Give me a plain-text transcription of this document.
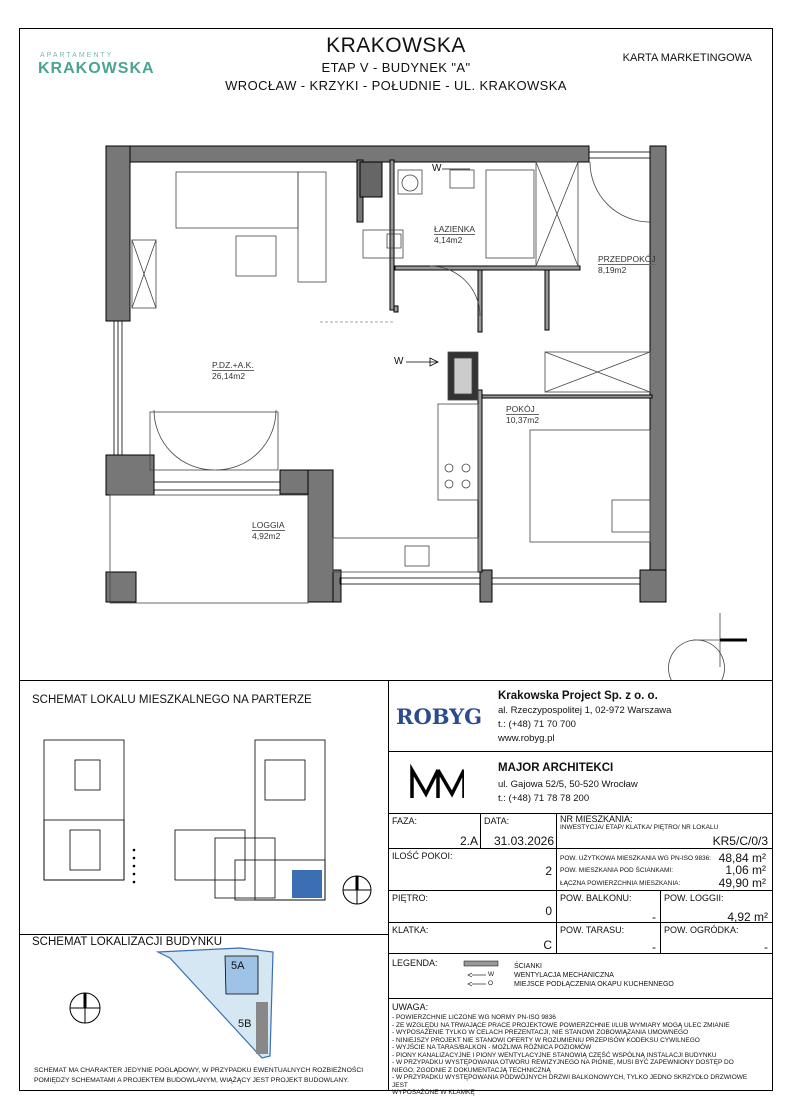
APARTAMENTY
KRAKOWSKA
KRAKOWSKA
ETAP V - BUDYNEK "A"
WROCŁAW - KRZYKI - POŁUDNIE - UL. KRAKOWSKA
KARTA MARKETINGOWA
ŁAZIENKA
4,14m2
PRZEDPOKÓJ
8,19m2
P.DZ.+A.K.
26,14m2
POKÓJ
10,37m2
LOGGIA
4,92m2
W
W
SCHEMAT LOKALU MIESZKALNEGO NA PARTERZE
SCHEMAT LOKALIZACJI BUDYNKU
5A
5B
SCHEMAT MA CHARAKTER JEDYNIE POGLĄDOWY, W PRZYPADKU EWENTUALNYCH ROZBIEŻNOŚCI POMIĘDZY SCHEMATAMI A PROJEKTEM BUDOWLANYM, WIĄŻĄCY JEST PROJEKT BUDOWLANY.
ROBYG
Krakowska Project Sp. z o. o.
al. Rzeczypospolitej 1, 02-972 Warszawa
t.: (+48) 71 70 700
www.robyg.pl
MAJOR ARCHITEKCI
ul. Gajowa 52/5, 50-520 Wrocław
t.: (+48) 71 78 78 200
FAZA:	DATA:	NR MIESZKANIA:
INWESTYCJA/ ETAP/ KLATKA/ PIĘTRO/ NR LOKALU
2.A	31.03.2026	KR5/C/0/3
ILOŚĆ POKOI:
2
POW. UŻYTKOWA MIESZKANIA WG PN-ISO 9836: 48,84 m²
POW. MIESZKANIA POD ŚCIANKAMI:	1,06 m²
ŁĄCZNA POWIERZCHNIA MIESZKANIA:	49,90 m²
PIĘTRO:
0
POW. BALKONU:
-
POW. LOGGII:
4,92 m²
KLATKA:
C
POW. TARASU:
-
POW. OGRÓDKA:
-
LEGENDA:
W
O
ŚCIANKI
WENTYLACJA MECHANICZNA
MIEJSCE PODŁĄCZENIA OKAPU KUCHENNEGO
UWAGA:
- POWIERZCHNIE LICZONE WG NORMY PN-ISO 9836
- ZE WZGLĘDU NA TRWAJĄCE PRACE PROJEKTOWE POWIERZCHNIE I/LUB WYMIARY MOGĄ ULEC ZMIANIE
- WYPOSAŻENIE TYLKO W CELACH PREZENTACJI, NIE STANOWI ZOBOWIĄZANIA UMOWNEGO
- NINIEJSZY PROJEKT NIE STANOWI OFERTY W ROZUMIENIU PRZEPISÓW KODEKSU CYWILNEGO
- WYJŚCIE NA TARAS/BALKON - MOŻLIWA RÓŻNICA POZIOMÓW
- PIONY KANALIZACYJNE I PIONY WENTYLACYJNE STANOWIĄ CZĘŚĆ WSPÓLNĄ INSTALACJI BUDYNKU
- W PRZYPADKU WYSTĘPOWANIA OTWORU REWIZYJNEGO NA PIONIE, MUSI BYĆ ZAPEWNIONY DOSTĘP DO
NIEGO, ZGODNIE Z DOKUMENTACJĄ TECHNICZNĄ
- W PRZYPADKU WYSTĘPOWANIA PODWÓJNYCH DRZWI BALKONOWYCH, TYLKO JEDNO SKRZYDŁO DRZWIOWE JEST
WYPOSAŻONE W KLAMKĘ
